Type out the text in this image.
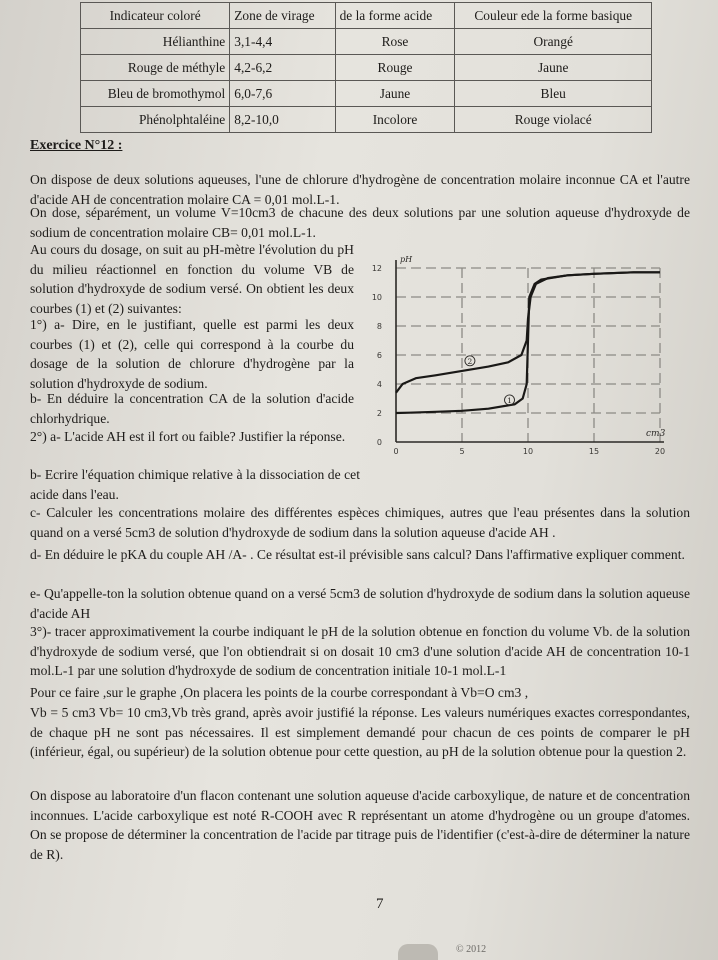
Indicateur coloré	Zone de virage	de la forme acide	Couleur ede la forme basique
Hélianthine	3,1-4,4	Rose	Orangé
Rouge de méthyle	4,2-6,2	Rouge	Jaune
Bleu de bromothymol	6,0-7,6	Jaune	Bleu
Phénolphtaléine	8,2-10,0	Incolore	Rouge violacé
Exercice N°12 :

On dispose de deux solutions aqueuses, l'une de chlorure d'hydrogène de concentration molaire inconnue CA et l'autre d'acide AH de concentration molaire CA = 0,01 mol.L-1.

On dose, séparément, un volume V=10cm3 de chacune des deux solutions par une solution aqueuse d'hydroxyde de sodium de concentration molaire CB= 0,01 mol.L-1.

Au cours du dosage, on suit au pH-mètre l'évolution du pH du milieu réactionnel en fonction du volume VB de solution d'hydroxyde de sodium versé. On obtient les deux courbes (1) et (2) suivantes:

1°) a- Dire, en le justifiant, quelle est parmi les deux courbes (1) et (2), celle qui correspond à la courbe du dosage de la solution de chlorure d'hydrogène par la solution d'hydroxyde de sodium.

b- En déduire la concentration CA de la solution d'acide chlorhydrique.

2°) a- L'acide AH est il fort ou faible? Justifier la réponse.

b- Ecrire l'équation chimique relative à la dissociation de cet acide dans l'eau.

c- Calculer les concentrations molaire des différentes espèces chimiques, autres que l'eau présentes dans la solution quand on a versé 5cm3 de solution d'hydroxyde de sodium dans la solution aqueuse d'acide AH .

d- En déduire le pKA du couple AH /A- . Ce résultat est-il prévisible sans calcul? Dans l'affirmative expliquer comment.

e- Qu'appelle-ton la solution obtenue quand on a versé 5cm3 de solution d'hydroxyde de sodium dans la solution aqueuse d'acide AH

3°)- tracer approximativement la courbe indiquant le pH de la solution obtenue en fonction du volume Vb. de la solution d'hydroxyde de sodium versé, que l'on obtiendrait si on dosait 10 cm3 d'une solution d'acide AH de concentration 10-1 mol.L-1 par une solution d'hydroxyde de sodium de concentration initiale 10-1 mol.L-1

Pour ce faire ,sur le graphe ,On placera les points de la courbe correspondant à Vb=O cm3 ,

Vb = 5 cm3 Vb= 10 cm3,Vb très grand, après avoir justifié la réponse. Les valeurs numériques exactes correspondantes, de chaque pH ne sont pas nécessaires. Il est simplement demandé pour chacun de ces points de comparer le pH (inférieur, égal, ou supérieur) de la solution obtenue pour cette question, au pH de la solution obtenue pour la question 2.

On dispose au laboratoire d'un flacon contenant une solution aqueuse d'acide carboxylique, de nature et de concentration inconnues. L'acide carboxylique est noté R-COOH avec R représentant un atome d'hydrogène ou un groupe d'atomes. On se propose de déterminer la concentration de l'acide par titrage puis de l'identifier (c'est-à-dire de déterminer la nature de R).

0
2
4
6
8
10
12
0	5	10	15	20
pH
cm3
1
2
7
© 2012
